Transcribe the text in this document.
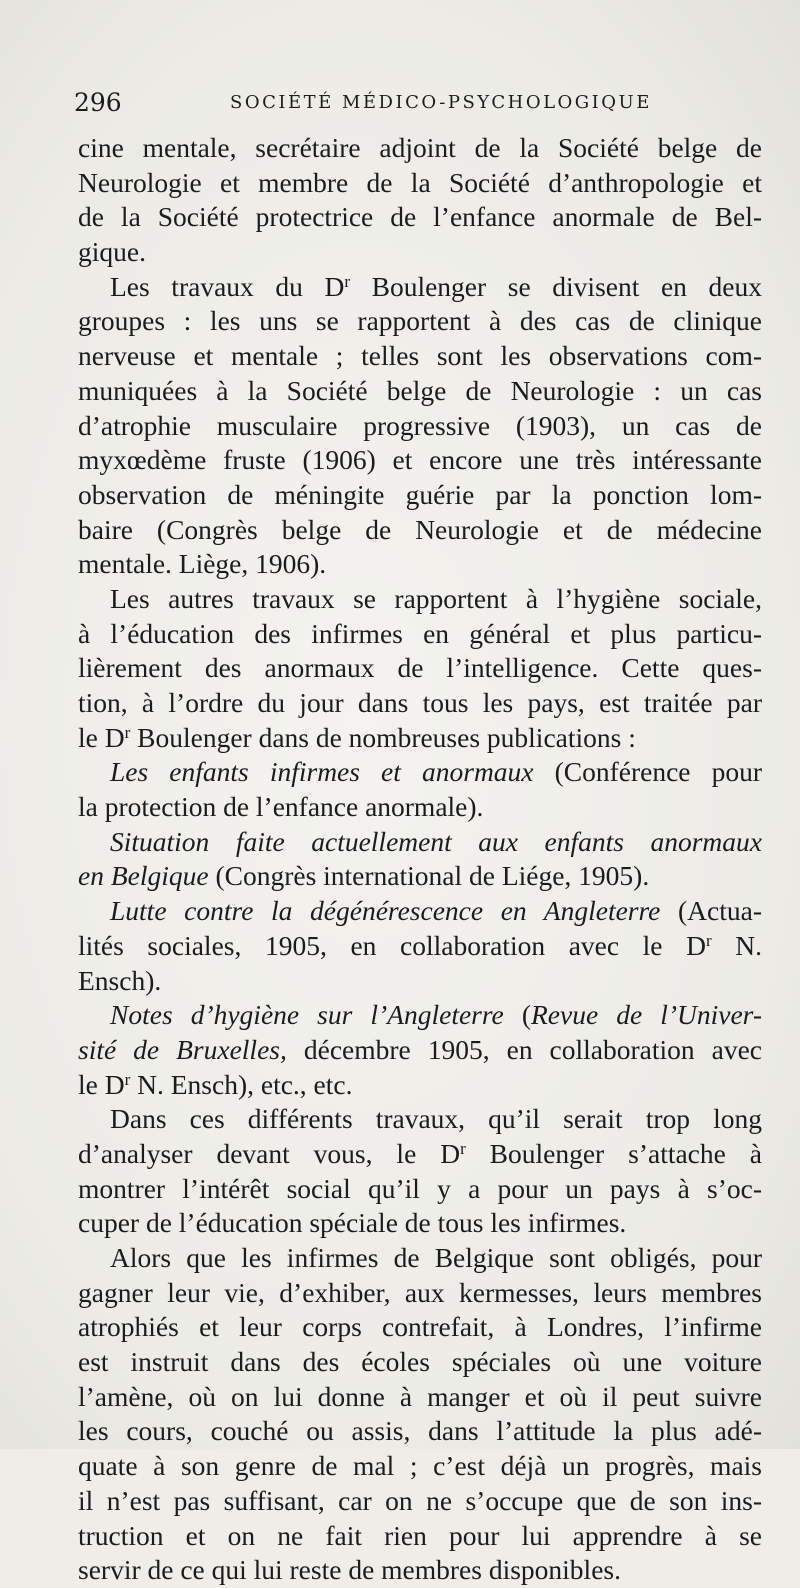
296	SOCIÉTÉ MÉDICO-PSYCHOLOGIQUE
cine mentale, secrétaire adjoint de la Société belge de
Neurologie et membre de la Société d’anthropologie et
de la Société protectrice de l’enfance anormale de Bel-
gique.
Les travaux du $D^r$ Boulenger se divisent en deux
groupes : les uns se rapportent à des cas de clinique
nerveuse et mentale ; telles sont les observations com-
muniquées à la Société belge de Neurologie : un cas
d’atrophie musculaire progressive (1903), un cas de
myxœdème fruste (1906) et encore une très intéressante
observation de méningite guérie par la ponction lom-
baire (Congrès belge de Neurologie et de médecine
mentale. Liège, 1906).
Les autres travaux se rapportent à l’hygiène sociale,
à l’éducation des infirmes en général et plus particu-
lièrement des anormaux de l’intelligence. Cette ques-
tion, à l’ordre du jour dans tous les pays, est traitée par
le $D^r$ Boulenger dans de nombreuses publications :
Les enfants infirmes et anormaux (Conférence pour
la protection de l’enfance anormale).
Situation faite actuellement aux enfants anormaux
en Belgique (Congrès international de Liége, 1905).
Lutte contre la dégénérescence en Angleterre (Actua-
lités sociales, 1905, en collaboration avec le $D^r$ N.
Ensch).
Notes d’hygiène sur l’Angleterre (Revue de l’Univer-
sité de Bruxelles, décembre 1905, en collaboration avec
le $D^r$ N. Ensch), etc., etc.
Dans ces différents travaux, qu’il serait trop long
d’analyser devant vous, le $D^r$ Boulenger s’attache à
montrer l’intérêt social qu’il y a pour un pays à s’oc-
cuper de l’éducation spéciale de tous les infirmes.
Alors que les infirmes de Belgique sont obligés, pour
gagner leur vie, d’exhiber, aux kermesses, leurs membres
atrophiés et leur corps contrefait, à Londres, l’infirme
est instruit dans des écoles spéciales où une voiture
l’amène, où on lui donne à manger et où il peut suivre
les cours, couché ou assis, dans l’attitude la plus adé-
quate à son genre de mal ; c’est déjà un progrès, mais
il n’est pas suffisant, car on ne s’occupe que de son ins-
truction et on ne fait rien pour lui apprendre à se
servir de ce qui lui reste de membres disponibles.
